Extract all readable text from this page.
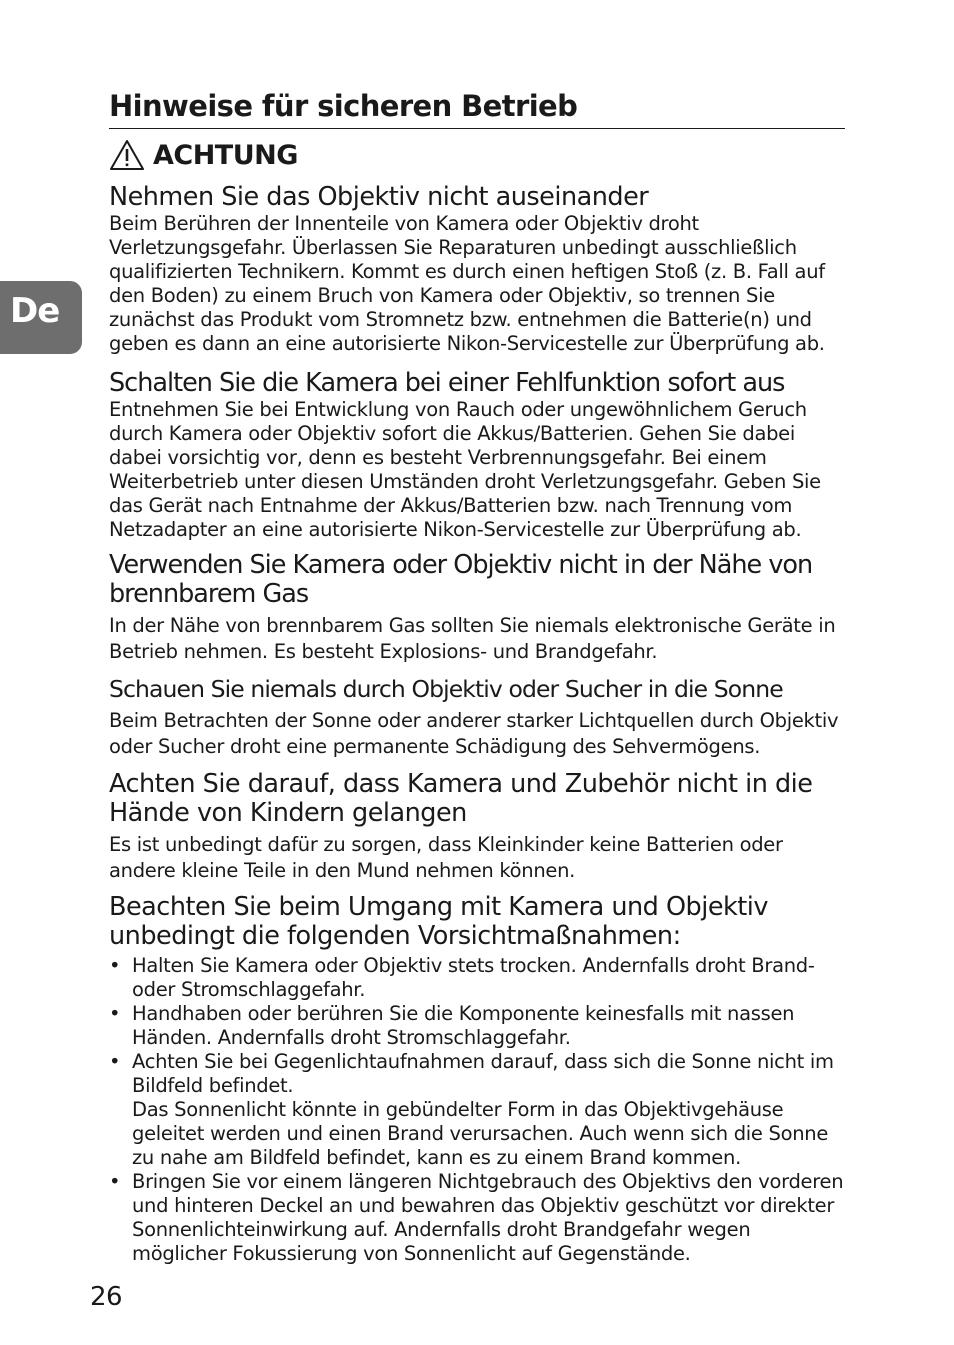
De
Hinweise für sicheren Betrieb
ACHTUNG
Nehmen Sie das Objektiv nicht auseinander

Beim Berühren der Innenteile von Kamera oder Objektiv droht Verletzungsgefahr. Überlassen Sie Reparaturen unbedingt ausschließlich qualifizierten Technikern. Kommt es durch einen heftigen Stoß (z. B. Fall auf den Boden) zu einem Bruch von Kamera oder Objektiv, so trennen Sie zunächst das Produkt vom Stromnetz bzw. entnehmen die Batterie(n) und geben es dann an eine autorisierte Nikon-Servicestelle zur Überprüfung ab.

Schalten Sie die Kamera bei einer Fehlfunktion sofort aus

Entnehmen Sie bei Entwicklung von Rauch oder ungewöhnlichem Geruch durch Kamera oder Objektiv sofort die Akkus/Batterien. Gehen Sie dabei dabei vorsichtig vor, denn es besteht Verbrennungsgefahr. Bei einem Weiterbetrieb unter diesen Umständen droht Verletzungsgefahr. Geben Sie das Gerät nach Entnahme der Akkus/Batterien bzw. nach Trennung vom Netzadapter an eine autorisierte Nikon-Servicestelle zur Überprüfung ab.

Verwenden Sie Kamera oder Objektiv nicht in der Nähe von brennbarem Gas

In der Nähe von brennbarem Gas sollten Sie niemals elektronische Geräte in Betrieb nehmen. Es besteht Explosions- und Brandgefahr.

Schauen Sie niemals durch Objektiv oder Sucher in die Sonne

Beim Betrachten der Sonne oder anderer starker Lichtquellen durch Objektiv oder Sucher droht eine permanente Schädigung des Sehvermögens.

Achten Sie darauf, dass Kamera und Zubehör nicht in die Hände von Kindern gelangen

Es ist unbedingt dafür zu sorgen, dass Kleinkinder keine Batterien oder andere kleine Teile in den Mund nehmen können.

Beachten Sie beim Umgang mit Kamera und Objektiv unbedingt die folgenden Vorsichtmaßnahmen:
• Halten Sie Kamera oder Objektiv stets trocken. Andernfalls droht Brand- oder Stromschlaggefahr.
• Handhaben oder berühren Sie die Komponente keinesfalls mit nassen Händen. Andernfalls droht Stromschlaggefahr.
• Achten Sie bei Gegenlichtaufnahmen darauf, dass sich die Sonne nicht im Bildfeld befindet.
Das Sonnenlicht könnte in gebündelter Form in das Objektivgehäuse geleitet werden und einen Brand verursachen. Auch wenn sich die Sonne zu nahe am Bildfeld befindet, kann es zu einem Brand kommen.
• Bringen Sie vor einem längeren Nichtgebrauch des Objektivs den vorderen und hinteren Deckel an und bewahren das Objektiv geschützt vor direkter Sonnenlichteinwirkung auf. Andernfalls droht Brandgefahr wegen möglicher Fokussierung von Sonnenlicht auf Gegenstände.
26
